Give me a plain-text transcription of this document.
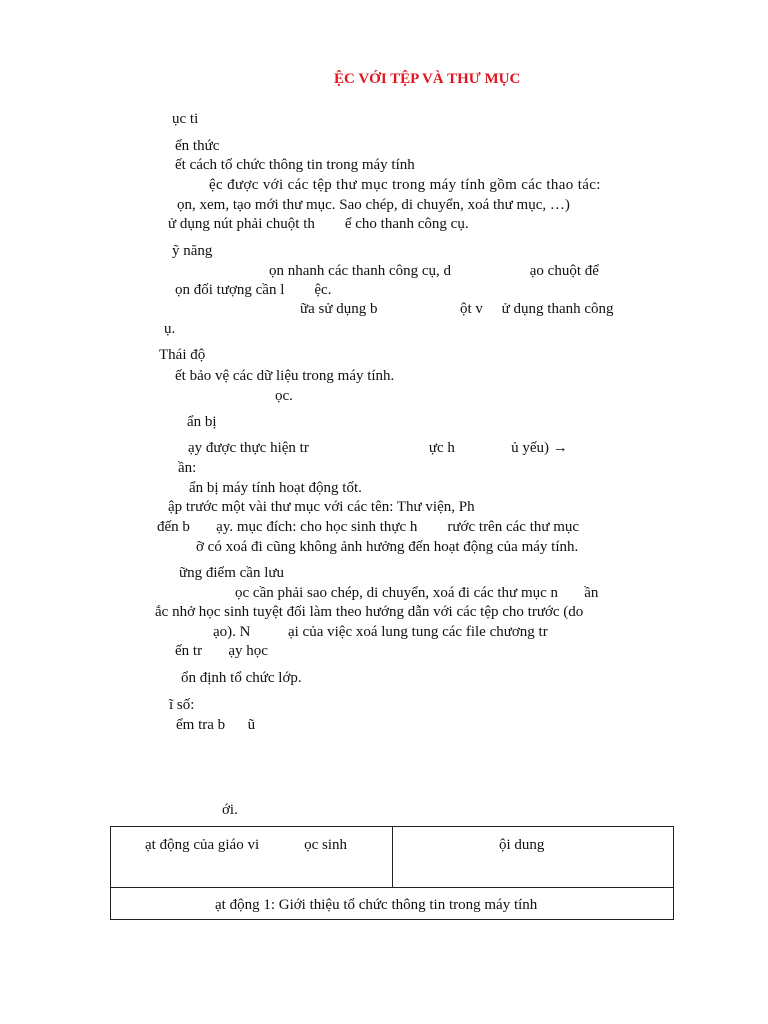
ỆC VỚI TỆP VÀ THƯ MỤC
ục ti
ến thức
ết cách tổ chức thông tin trong máy tính
ệc được với các tệp thư mục trong máy tính gồm các thao tác:
ọn, xem, tạo mới thư mục. Sao chép, di chuyển, xoá thư mục, …)
ử dụng nút phải chuột th        ể cho thanh công cụ.
ỹ năng
ọn nhanh các thanh công cụ, d                     ạo chuột để
ọn đối tượng cần l        ệc.
ữa sử dụng b                      ột v     ử dụng thanh công
ụ.
Thái độ
ết bảo vệ các dữ liệu trong máy tính.
ọc.
ẩn bị
ạy được thực hiện tr                                ực h               ủ yếu) →
ần:
ẩn bị máy tính hoạt động tốt.
ập trước một vài thư mục với các tên: Thư viện, Ph
đến b       ạy. mục đích: cho học sinh thực h        rước trên các thư mục
ỡ có xoá đi cũng không ảnh hưởng đến hoạt động của máy tính.
ững điểm cần lưu
ọc cần phải sao chép, di chuyển, xoá đi các thư mục n       ần
ắc nhở học sinh tuyệt đối làm theo hướng dẫn với các tệp cho trước (do
ạo). N          ại của việc xoá lung tung các file chương tr
ến tr       ạy học
ổn định tổ chức lớp.
ĩ số:
ểm tra b      ũ
ới.
ạt động của giáo vi            ọc sinh	ội dung
ạt động 1: Giới thiệu tổ chức thông tin trong máy tính
